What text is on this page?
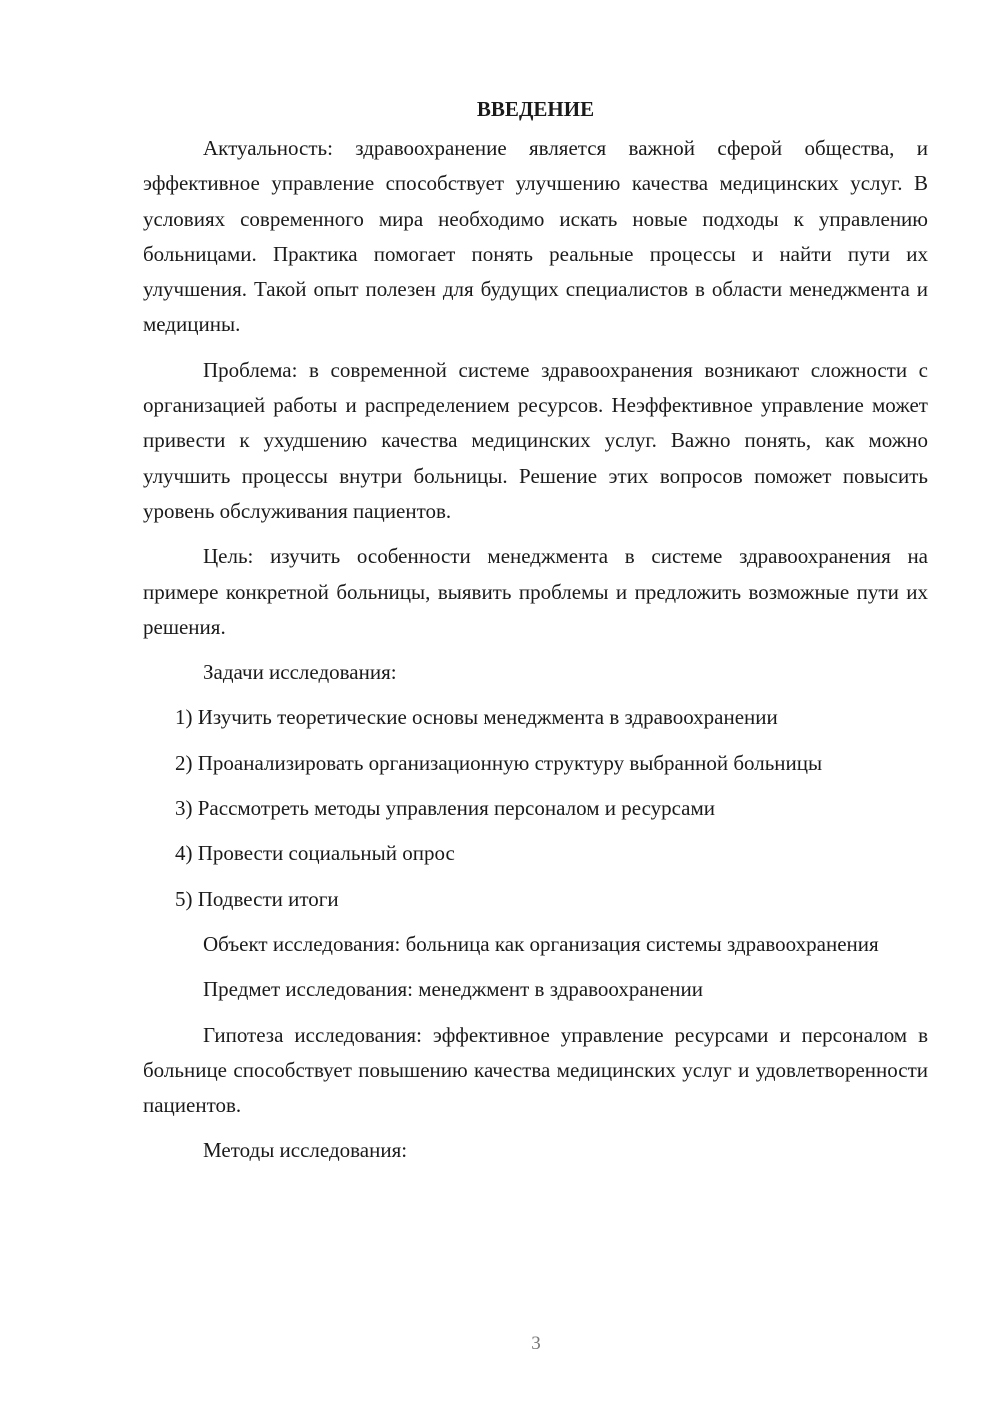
ВВЕДЕНИЕ

Актуальность: здравоохранение является важной сферой общества, и эффективное управление способствует улучшению качества медицинских услуг. В условиях современного мира необходимо искать новые подходы к управлению больницами. Практика помогает понять реальные процессы и найти пути их улучшения. Такой опыт полезен для будущих специалистов в области менеджмента и медицины.

Проблема: в современной системе здравоохранения возникают сложности с организацией работы и распределением ресурсов. Неэффективное управление может привести к ухудшению качества медицинских услуг. Важно понять, как можно улучшить процессы внутри больницы. Решение этих вопросов поможет повысить уровень обслуживания пациентов.

Цель: изучить особенности менеджмента в системе здравоохранения на примере конкретной больницы, выявить проблемы и предложить возможные пути их решения.

Задачи исследования:

1) Изучить теоретические основы менеджмента в здравоохранении

2) Проанализировать организационную структуру выбранной больницы

3) Рассмотреть методы управления персоналом и ресурсами

4) Провести социальный опрос

5) Подвести итоги

Объект исследования: больница как организация системы здравоохранения

Предмет исследования: менеджмент в здравоохранении

Гипотеза исследования: эффективное управление ресурсами и персоналом в больнице способствует повышению качества медицинских услуг и удовлетворенности пациентов.

Методы исследования:

3
